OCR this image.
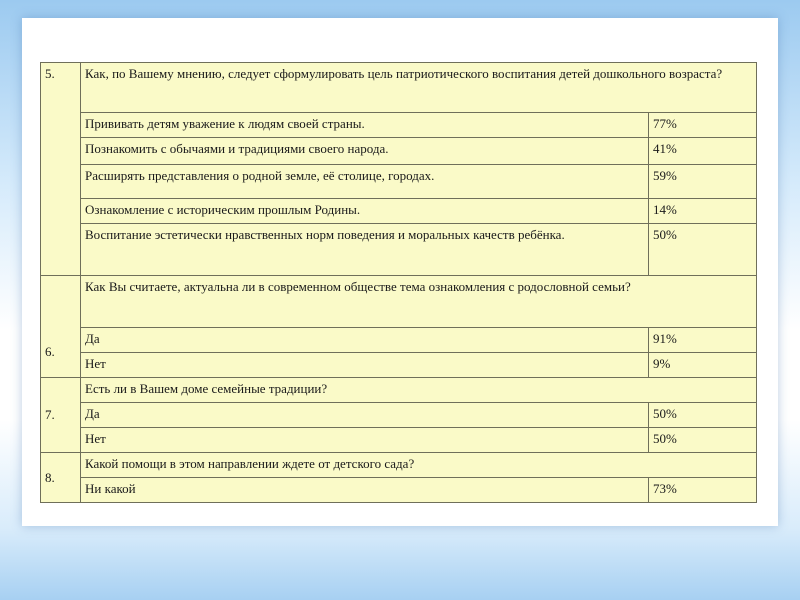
5.	Как, по Вашему мнению, следует сформулировать цель патриотического воспитания детей дошкольного возраста?	
	Прививать детям уважение к людям своей страны.	77%
	Познакомить с обычаями и традициями своего народа.	41%
	Расширять представления о родной земле, её столице, городах.	59%
	Ознакомление с историческим прошлым Родины.	14%
	Воспитание эстетически нравственных норм поведения и моральных качеств ребёнка.	50%
6.	Как Вы считаете, актуальна ли в современном обществе тема ознакомления с родословной семьи?	
	Да	91%
	Нет	9%
7.	Есть ли в Вашем доме семейные традиции?	
	Да	50%
	Нет	50%
8.	Какой помощи в этом направлении ждете от детского сада?	
	Ни какой	73%
